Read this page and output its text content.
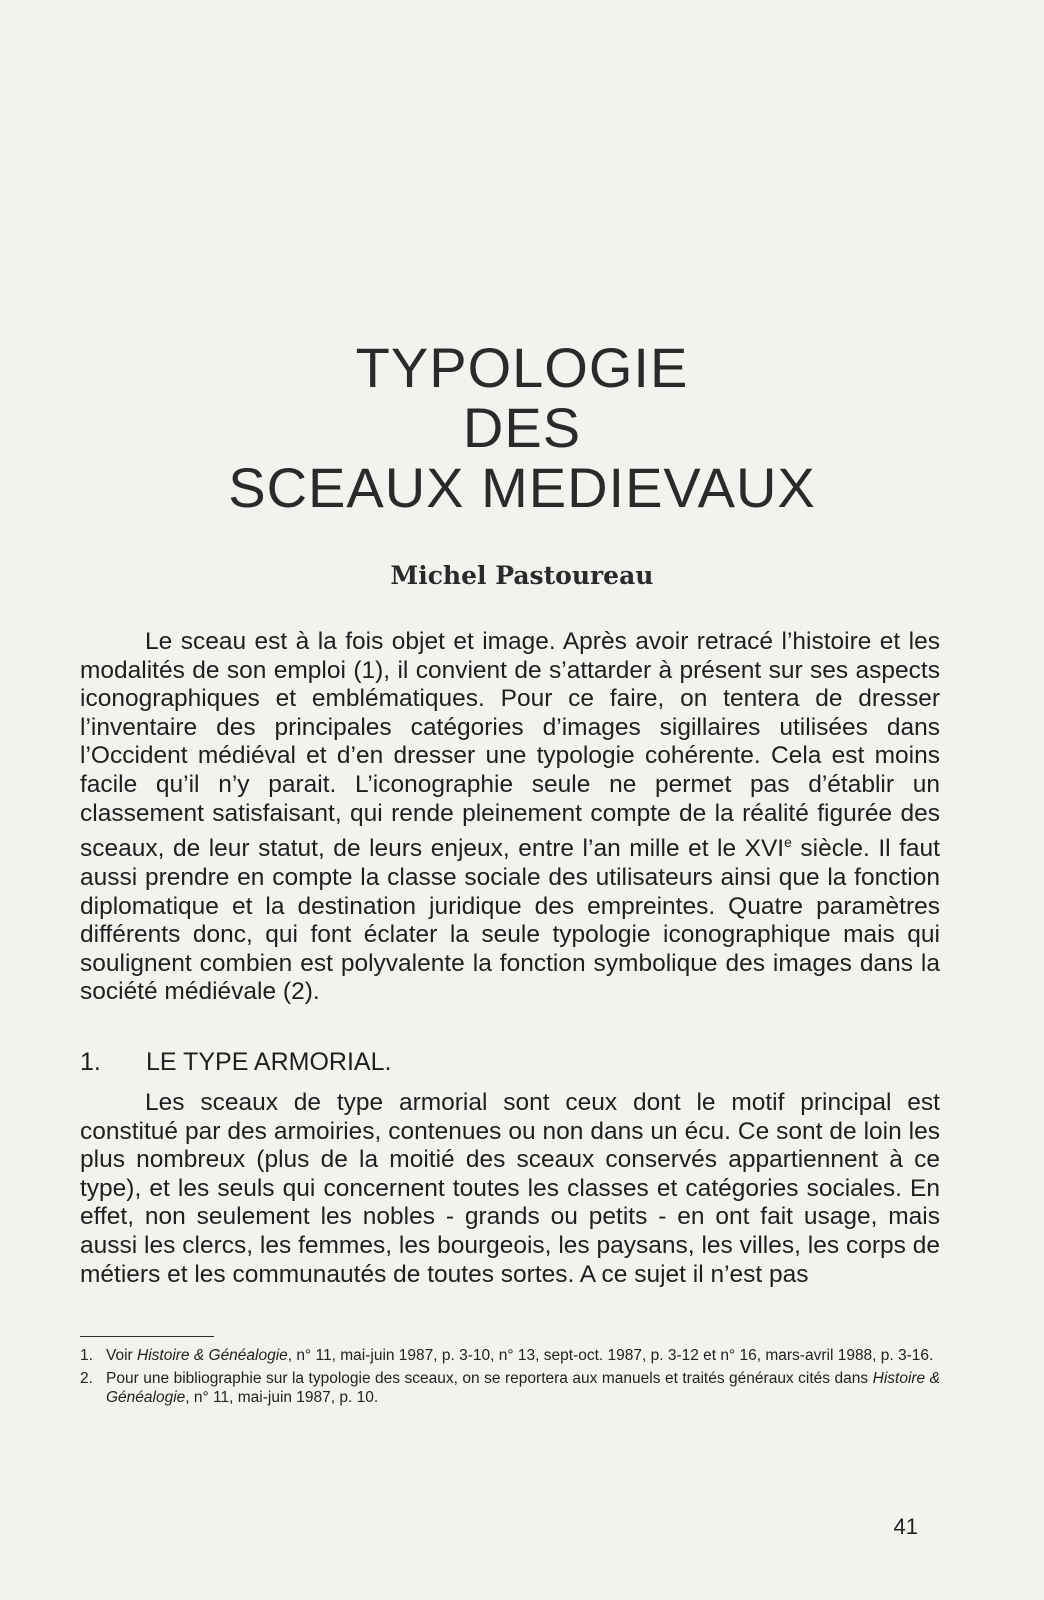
TYPOLOGIE
DES
SCEAUX MEDIEVAUX
Michel Pastoureau

Le sceau est à la fois objet et image. Après avoir retracé l’histoire et les modalités de son emploi (1), il convient de s’attarder à présent sur ses aspects iconographiques et emblématiques. Pour ce faire, on tentera de dresser l’inventaire des principales catégories d’images sigillaires utilisées dans l’Occident médiéval et d’en dresser une typologie cohérente. Cela est moins facile qu’il n’y parait. L’iconographie seule ne permet pas d’établir un classement satisfaisant, qui rende pleinement compte de la réalité figurée des sceaux, de leur statut, de leurs enjeux, entre l’an mille et le XVIe siècle. Il faut aussi prendre en compte la classe sociale des utilisateurs ainsi que la fonction diplomatique et la destination juridique des empreintes. Quatre paramètres différents donc, qui font éclater la seule typologie iconographique mais qui soulignent combien est polyvalente la fonction symbolique des images dans la société médiévale (2).

1. LE TYPE ARMORIAL.

Les sceaux de type armorial sont ceux dont le motif principal est constitué par des armoiries, contenues ou non dans un écu. Ce sont de loin les plus nombreux (plus de la moitié des sceaux conservés appartiennent à ce type), et les seuls qui concernent toutes les classes et catégories sociales. En effet, non seulement les nobles - grands ou petits - en ont fait usage, mais aussi les clercs, les femmes, les bourgeois, les paysans, les villes, les corps de métiers et les communautés de toutes sortes. A ce sujet il n’est pas

1. Voir Histoire & Généalogie, n° 11, mai-juin 1987, p. 3-10, n° 13, sept-oct. 1987, p. 3-12 et n° 16, mars-avril 1988, p. 3-16.
2. Pour une bibliographie sur la typologie des sceaux, on se reportera aux manuels et traités généraux cités dans Histoire & Généalogie, n° 11, mai-juin 1987, p. 10.
41
